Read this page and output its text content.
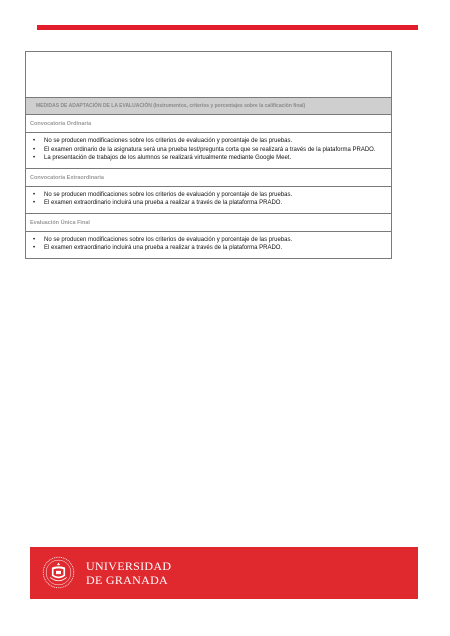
MEDIDAS DE ADAPTACIÓN DE LA EVALUACIÓN (Instrumentos, criterios y porcentajes sobre la calificación final)
Convocatoria Ordinaria
• No se producen modificaciones sobre los criterios de evaluación y porcentaje de las pruebas.
• El examen ordinario de la asignatura será una prueba test/pregunta corta que se realizará a través de la plataforma PRADO.
• La presentación de trabajos de los alumnos se realizará virtualmente mediante Google Meet.
Convocatoria Extraordinaria
• No se producen modificaciones sobre los criterios de evaluación y porcentaje de las pruebas.
• El examen extraordinario incluirá una prueba a realizar a través de la plataforma PRADO.
Evaluación Única Final
• No se producen modificaciones sobre los criterios de evaluación y porcentaje de las pruebas.
• El examen extraordinario incluirá una prueba a realizar a través de la plataforma PRADO.
UNIVERSIDAD
DE GRANADA
